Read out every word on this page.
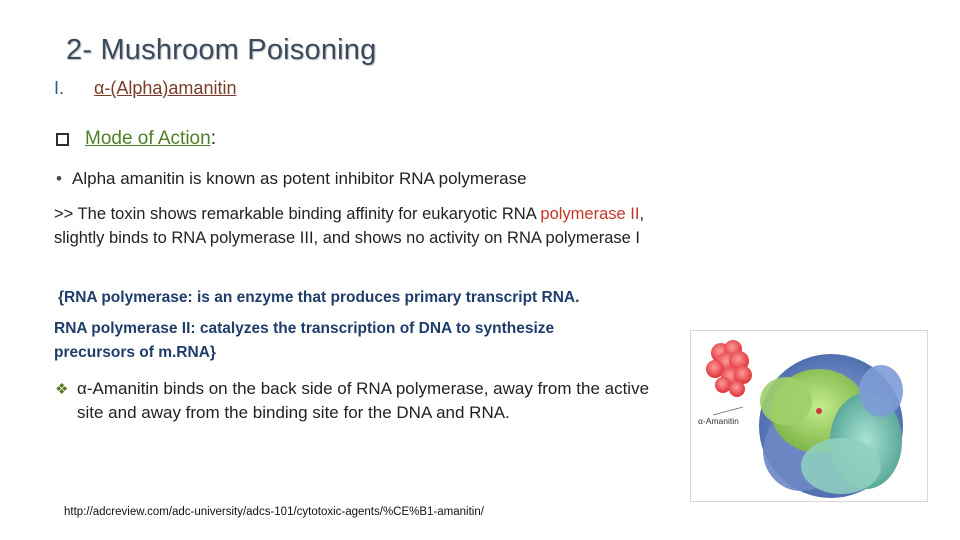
2- Mushroom Poisoning
I. α-(Alpha)amanitin
Mode of Action :
• Alpha amanitin is known as potent inhibitor RNA polymerase
>> The toxin shows remarkable binding affinity for eukaryotic RNA polymerase II, slightly binds to RNA polymerase III, and shows no activity on RNA polymerase I
{RNA polymerase: is an enzyme that produces primary transcript RNA.
RNA polymerase II: catalyzes the transcription of DNA to synthesize precursors of m.RNA}
❖ α-Amanitin binds on the back side of RNA polymerase, away from the active site and away from the binding site for the DNA and RNA.	α-Amanitin
http://adcreview.com/adc-university/adcs-101/cytotoxic-agents/%CE%B1-amanitin/
